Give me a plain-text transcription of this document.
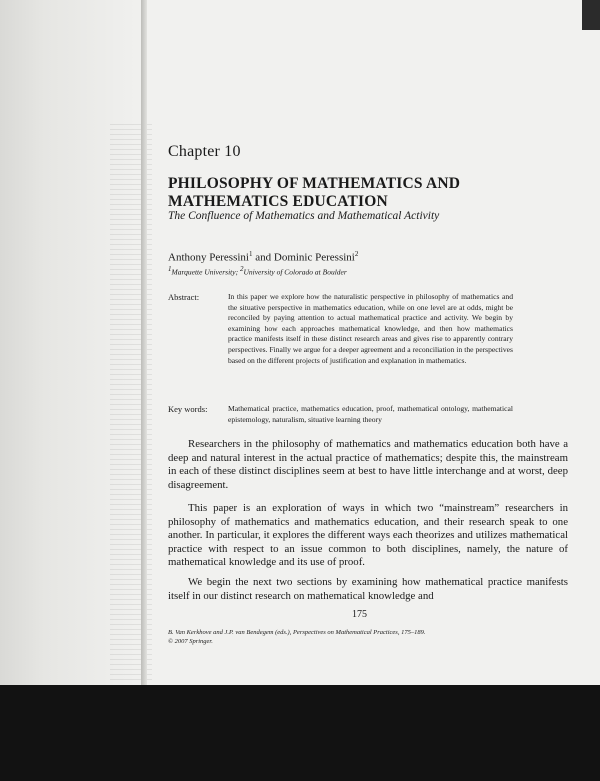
Chapter 10
PHILOSOPHY OF MATHEMATICS AND MATHEMATICS EDUCATION
The Confluence of Mathematics and Mathematical Activity
Anthony Peressini$^1$ and Dominic Peressini$^2$
1Marquette University; 2University of Colorado at Boulder
Abstract:	In this paper we explore how the naturalistic perspective in philosophy of mathematics and the situative perspective in mathematics education, while on one level are at odds, might be reconciled by paying attention to actual mathematical practice and activity. We begin by examining how each approaches mathematical knowledge, and then how mathematics practice manifests itself in these distinct research areas and gives rise to apparently contrary perspectives. Finally we argue for a deeper agreement and a reconciliation in the perspectives based on the different projects of justification and explanation in mathematics.
Key words:	Mathematical practice, mathematics education, proof, mathematical ontology, mathematical epistemology, naturalism, situative learning theory
Researchers in the philosophy of mathematics and mathematics education both have a deep and natural interest in the actual practice of mathematics; despite this, the mainstream in each of these distinct disciplines seem at best to have little interchange and at worst, deep disagreement.
This paper is an exploration of ways in which two “mainstream” researchers in philosophy of mathematics and mathematics education, and their research speak to one another. In particular, it explores the different ways each theorizes and utilizes mathematical practice with respect to an issue common to both disciplines, namely, the nature of mathematical knowledge and its use of proof.
We begin the next two sections by examining how mathematical practice manifests itself in our distinct research on mathematical knowledge and
175
B. Van Kerkhove and J.P. van Bendegem (eds.), Perspectives on Mathematical Practices, 175–189.
© 2007 Springer.
